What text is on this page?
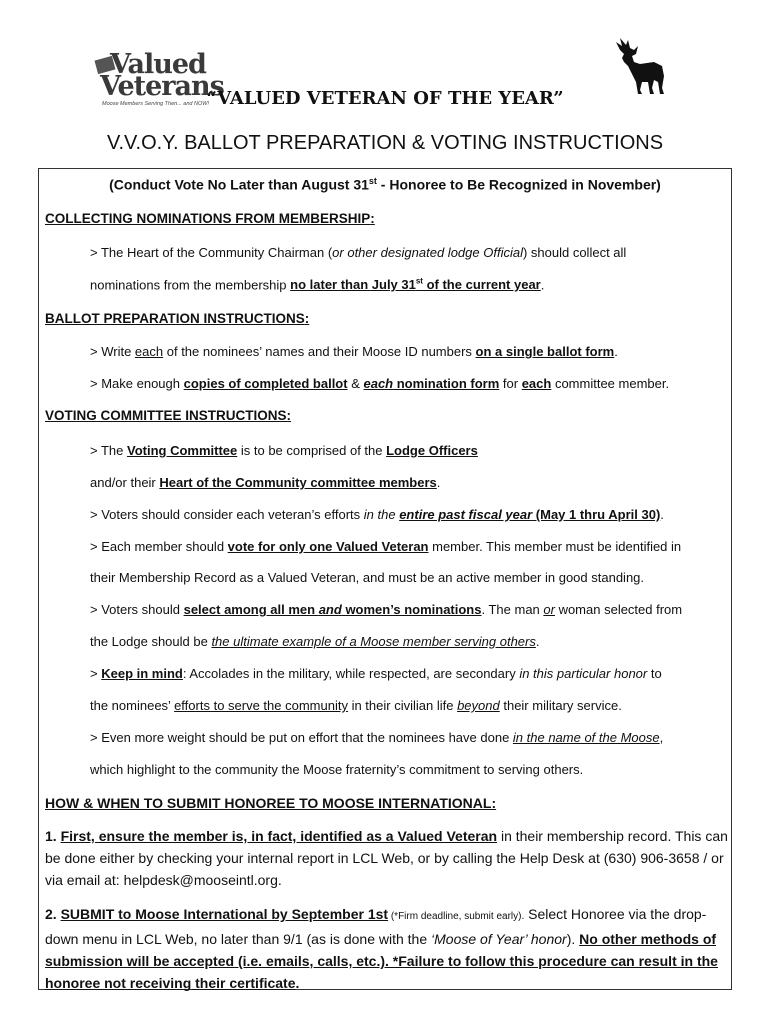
Valued
Veterans
Moose Members Serving Then... and NOW!
“VALUED VETERAN OF THE YEAR”
V.V.O.Y. BALLOT PREPARATION & VOTING INSTRUCTIONS
(Conduct Vote No Later than August 31st - Honoree to Be Recognized in November)
COLLECTING NOMINATIONS FROM MEMBERSHIP:
> The Heart of the Community Chairman (or other designated lodge Official) should collect all
nominations from the membership no later than July 31st of the current year.
BALLOT PREPARATION INSTRUCTIONS:
> Write each of the nominees’ names and their Moose ID numbers on a single ballot form.
> Make enough copies of completed ballot & each nomination form for each committee member.
VOTING COMMITTEE INSTRUCTIONS:
> The Voting Committee is to be comprised of the Lodge Officers
and/or their Heart of the Community committee members.
> Voters should consider each veteran’s efforts in the entire past fiscal year (May 1 thru April 30).
> Each member should vote for only one Valued Veteran member. This member must be identified in
their Membership Record as a Valued Veteran, and must be an active member in good standing.
> Voters should select among all men and women’s nominations. The man or woman selected from
the Lodge should be the ultimate example of a Moose member serving others.
> Keep in mind: Accolades in the military, while respected, are secondary in this particular honor to
the nominees’ efforts to serve the community in their civilian life beyond their military service.
> Even more weight should be put on effort that the nominees have done in the name of the Moose,
which highlight to the community the Moose fraternity’s commitment to serving others.
HOW & WHEN TO SUBMIT HONOREE TO MOOSE INTERNATIONAL:
1. First, ensure the member is, in fact, identified as a Valued Veteran in their membership record. This can be done either by checking your internal report in LCL Web, or by calling the Help Desk at (630) 906-3658 / or via email at: helpdesk@mooseintl.org.
2. SUBMIT to Moose International by September 1st (*Firm deadline, submit early). Select Honoree via the drop-down menu in LCL Web, no later than 9/1 (as is done with the ‘Moose of Year’ honor). No other methods of submission will be accepted (i.e. emails, calls, etc.). *Failure to follow this procedure can result in the honoree not receiving their certificate.
